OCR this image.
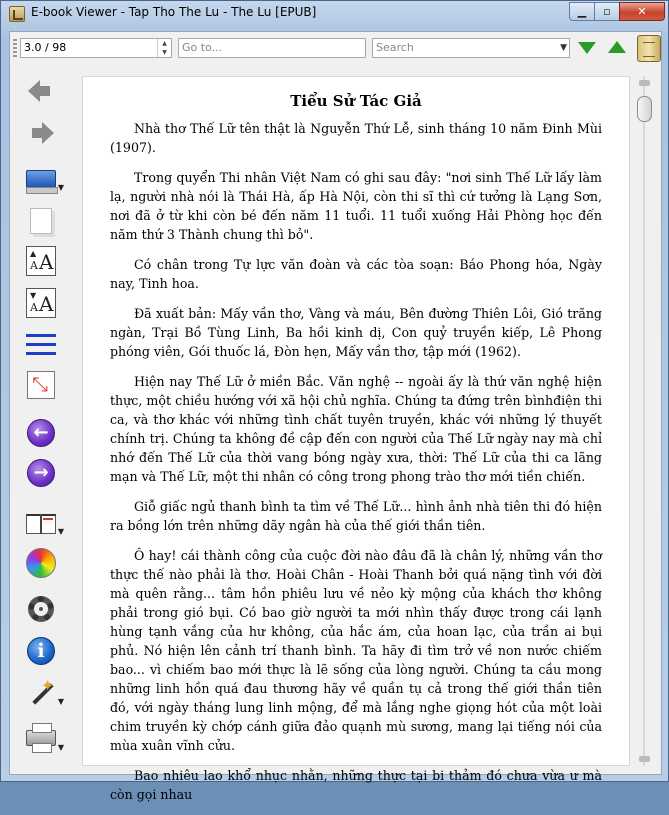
E-book Viewer - Tap Tho The Lu - The Lu [EPUB]	▁	▫	✕
3.0 / 98	▲
▼	Go to...	Search	▼
▼
▲
A A
▼
A A
⤡
←
→
▼
i
✦
▼
▼
Tiểu Sử Tác Giả

Nhà thơ Thế Lữ tên thật là Nguyễn Thứ Lễ, sinh tháng 10 năm Đinh Mùi (1907).

Trong quyển Thi nhân Việt Nam có ghi sau đây: "nơi sinh Thế Lữ lấy làm lạ, người nhà nói là Thái Hà, ấp Hà Nội, còn thi sĩ thì cứ tưởng là Lạng Sơn, nơi đã ở từ khi còn bé đến năm 11 tuổi. 11 tuổi xuống Hải Phòng học đến năm thứ 3 Thành chung thì bỏ".

Có chân trong Tự lực văn đoàn và các tòa soạn: Báo Phong hóa, Ngày nay, Tinh hoa.

Đã xuất bản: Mấy vần thơ, Vàng và máu, Bên đường Thiên Lôi, Gió trăng ngàn, Trại Bồ Tùng Linh, Ba hồi kinh dị, Con quỷ truyền kiếp, Lê Phong phóng viên, Gói thuốc lá, Đòn hẹn, Mấy vần thơ, tập mới (1962).

Hiện nay Thế Lữ ở miền Bắc. Văn nghệ -- ngoài ấy là thứ văn nghệ hiện thực, một chiều hướng với xã hội chủ nghĩa. Chúng ta đứng trên bìnhđiện thi ca, và thơ khác với những tình chất tuyên truyền, khác với những lý thuyết chính trị. Chúng ta không đề cập đến con người của Thế Lữ ngày nay mà chỉ nhớ đến Thế Lữ của thời vang bóng ngày xưa, thời: Thế Lữ của thi ca lãng mạn và Thế Lữ, một thi nhân có công trong phong trào thơ mới tiền chiến.

Giỗ giấc ngủ thanh bình ta tìm về Thế Lữ... hình ảnh nhà tiên thi đó hiện ra bồng lớn trên những dãy ngân hà của thế giới thần tiên.

Ô hay! cái thành công của cuộc đời nào đâu đã là chân lý, những vần thơ thực thế nào phải là thơ. Hoài Chân - Hoài Thanh bởi quá nặng tình với đời mà quên rằng... tâm hồn phiêu lưu về nẻo kỳ mộng của khách thơ không phải trong gió bụi. Có bao giờ người ta mới nhìn thấy được trong cái lạnh hùng tạnh vắng của hư không, của hắc ám, của hoan lạc, của trần ai bụi phủ. Nó hiện lên cảnh trí thanh bình. Ta hãy đi tìm trở về non nước chiếm bao... vì chiếm bao mới thực là lẽ sống của lòng người. Chúng ta cầu mong những linh hồn quá đau thương hãy về quần tụ cả trong thế giới thần tiên đó, với ngày tháng lung linh mộng, để mà lắng nghe giọng hót của một loài chim truyền kỳ chớp cánh giữa đảo quạnh mù sương, mang lại tiếng nói của mùa xuân vĩnh cửu.

Bao nhiêu lao khổ nhục nhằn, những thực tại bi thảm đó chưa vừa ư mà còn gọi nhau
